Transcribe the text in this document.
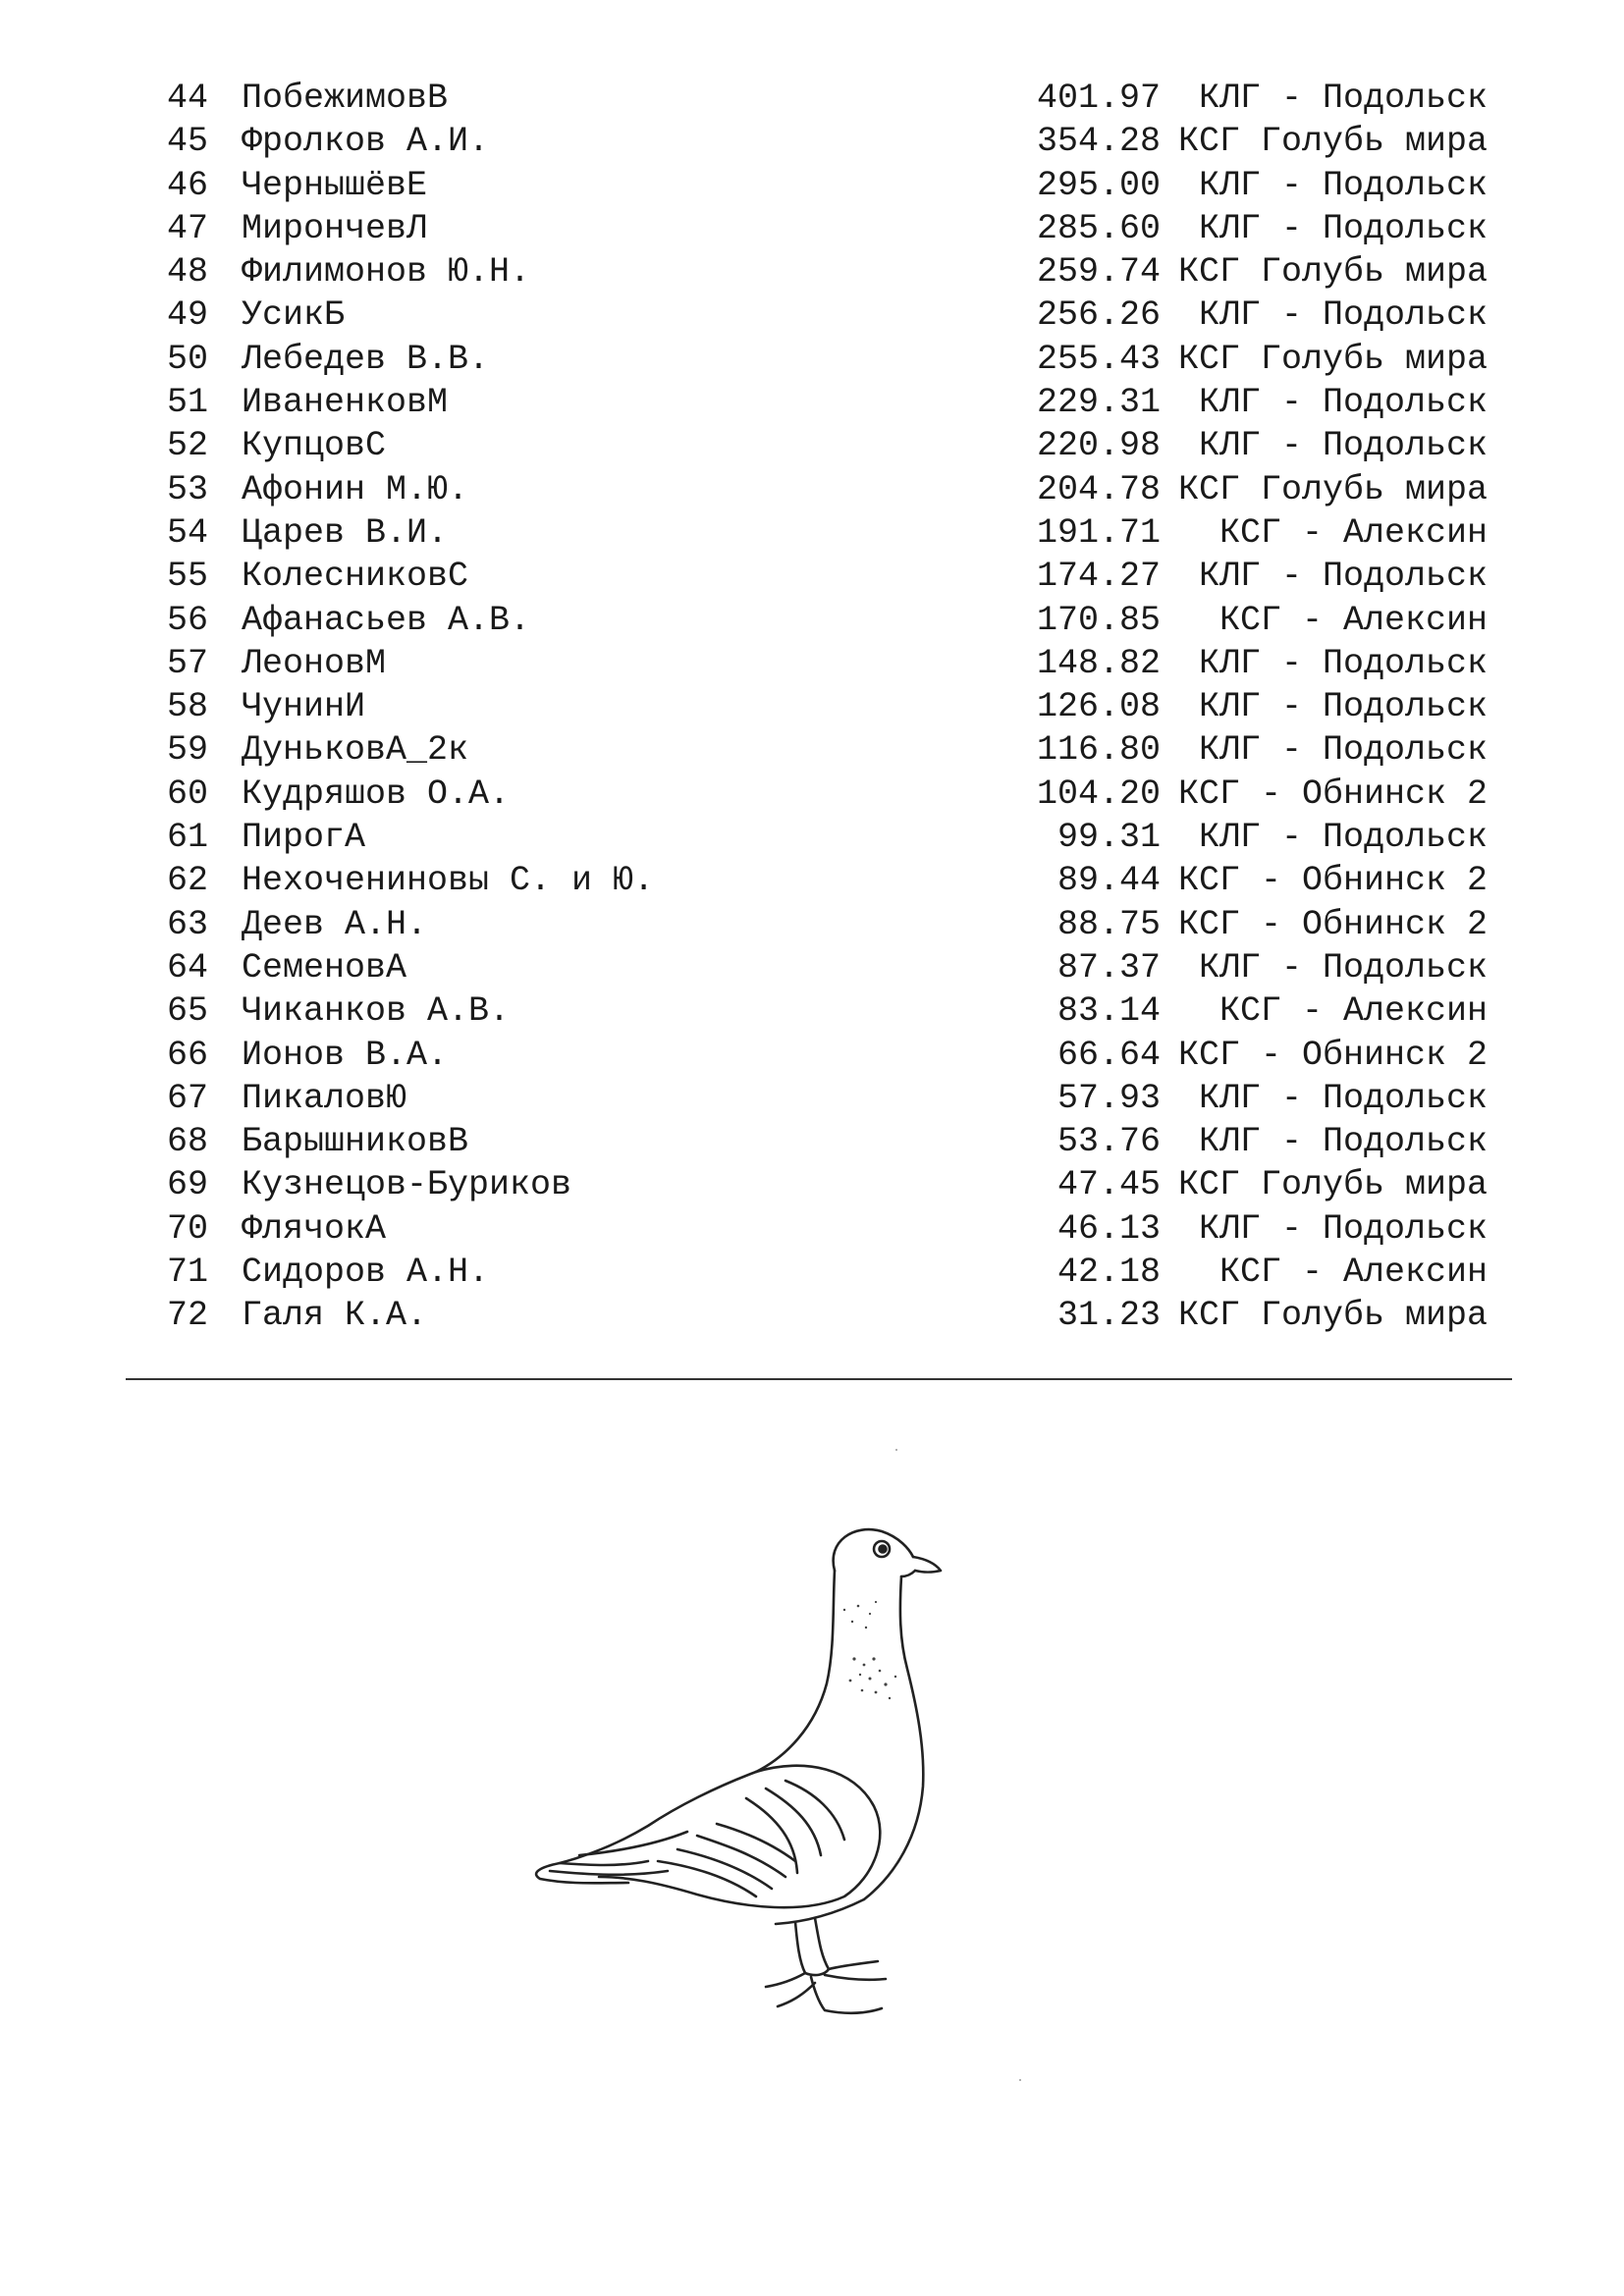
44 ПобежимовВ	401.97	КЛГ - Подольск
45 Фролков А.И.	354.28 КСГ Голубь мира
46 ЧернышёвЕ	295.00	КЛГ - Подольск
47 МирончевЛ	285.60	КЛГ - Подольск
48 Филимонов Ю.Н.	259.74 КСГ Голубь мира
49 УсикБ	256.26	КЛГ - Подольск
50 Лебедев В.В.	255.43 КСГ Голубь мира
51 ИваненковМ	229.31	КЛГ - Подольск
52 КупцовС	220.98	КЛГ - Подольск
53 Афонин М.Ю.	204.78 КСГ Голубь мира
54 Царев В.И.	191.71	КСГ - Алексин
55 КолесниковС	174.27	КЛГ - Подольск
56 Афанасьев А.В.	170.85	КСГ - Алексин
57 ЛеоновМ	148.82	КЛГ - Подольск
58 ЧунинИ	126.08	КЛГ - Подольск
59 ДуньковА_2к	116.80	КЛГ - Подольск
60 Кудряшов О.А.	104.20 КСГ - Обнинск 2
61 ПирогА	99.31	КЛГ - Подольск
62 Нехочениновы С. и Ю.	89.44 КСГ - Обнинск 2
63 Деев А.Н.	88.75 КСГ - Обнинск 2
64 СеменовА	87.37	КЛГ - Подольск
65 Чиканков А.В.	83.14	КСГ - Алексин
66 Ионов В.А.	66.64 КСГ - Обнинск 2
67 ПикаловЮ	57.93	КЛГ - Подольск
68 БарышниковВ	53.76	КЛГ - Подольск
69 Кузнецов-Буриков	47.45 КСГ Голубь мира
70 ФлячокА	46.13	КЛГ - Подольск
71 Сидоров А.Н.	42.18	КСГ - Алексин
72 Галя К.А.	31.23 КСГ Голубь мира
